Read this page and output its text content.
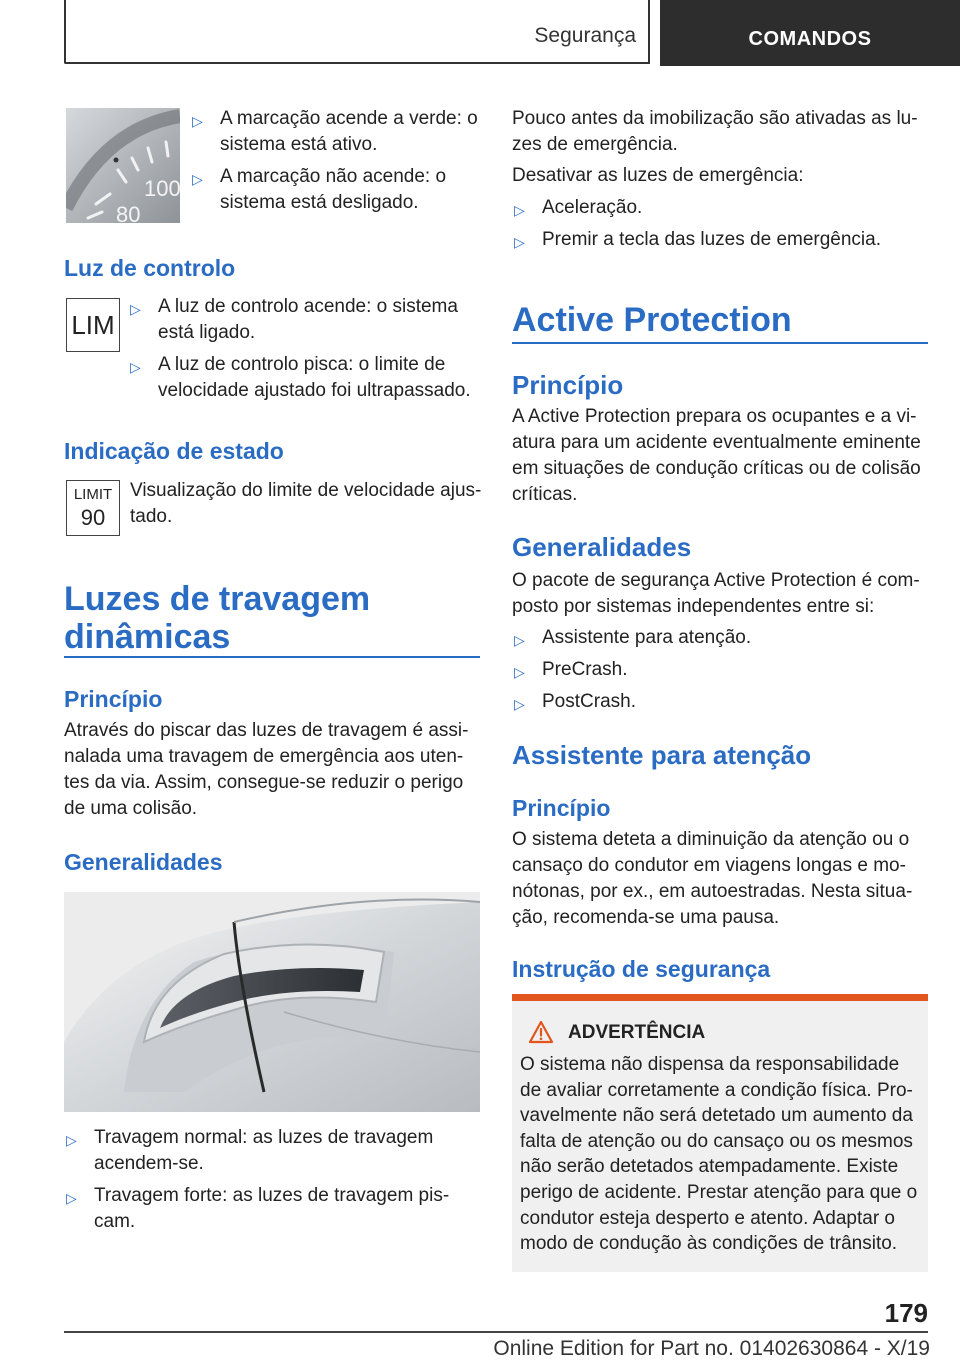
Segurança	COMANDOS
100
80
▷ A marcação acende a verde: o sistema está ativo.
▷ A marcação não acende: o sistema está desligado.
Luz de controlo
LIM
▷ A luz de controlo acende: o sistema está ligado.
▷ A luz de controlo pisca: o limite de velocidade ajustado foi ultrapassado.
Indicação de estado
LIMIT
90
Visualização do limite de velocidade ajus-tado.
Luzes de travagem
dinâmicas
Princípio
Através do piscar das luzes de travagem é assi-nalada uma travagem de emergência aos uten-tes da via. Assim, consegue-se reduzir o perigo de uma colisão.
Generalidades
▷ Travagem normal: as luzes de travagem acendem-se.
▷ Travagem forte: as luzes de travagem pis-cam.
Pouco antes da imobilização são ativadas as lu-zes de emergência.
Desativar as luzes de emergência:
▷ Aceleração.
▷ Premir a tecla das luzes de emergência.
Active Protection
Princípio
A Active Protection prepara os ocupantes e a vi-atura para um acidente eventualmente eminente em situações de condução críticas ou de colisão críticas.
Generalidades
O pacote de segurança Active Protection é com-posto por sistemas independentes entre si:
▷ Assistente para atenção.
▷ PreCrash.
▷ PostCrash.
Assistente para atenção
Princípio
O sistema deteta a diminuição da atenção ou o cansaço do condutor em viagens longas e mo-nótonas, por ex., em autoestradas. Nesta situa-ção, recomenda-se uma pausa.
Instrução de segurança
ADVERTÊNCIA
O sistema não dispensa da responsabilidade de avaliar corretamente a condição física. Pro-vavelmente não será detetado um aumento da falta de atenção ou do cansaço ou os mesmos não serão detetados atempadamente. Existe perigo de acidente. Prestar atenção para que o condutor esteja desperto e atento. Adaptar o modo de condução às condições de trânsito.
179
Online Edition for Part no. 01402630864 - X/19
